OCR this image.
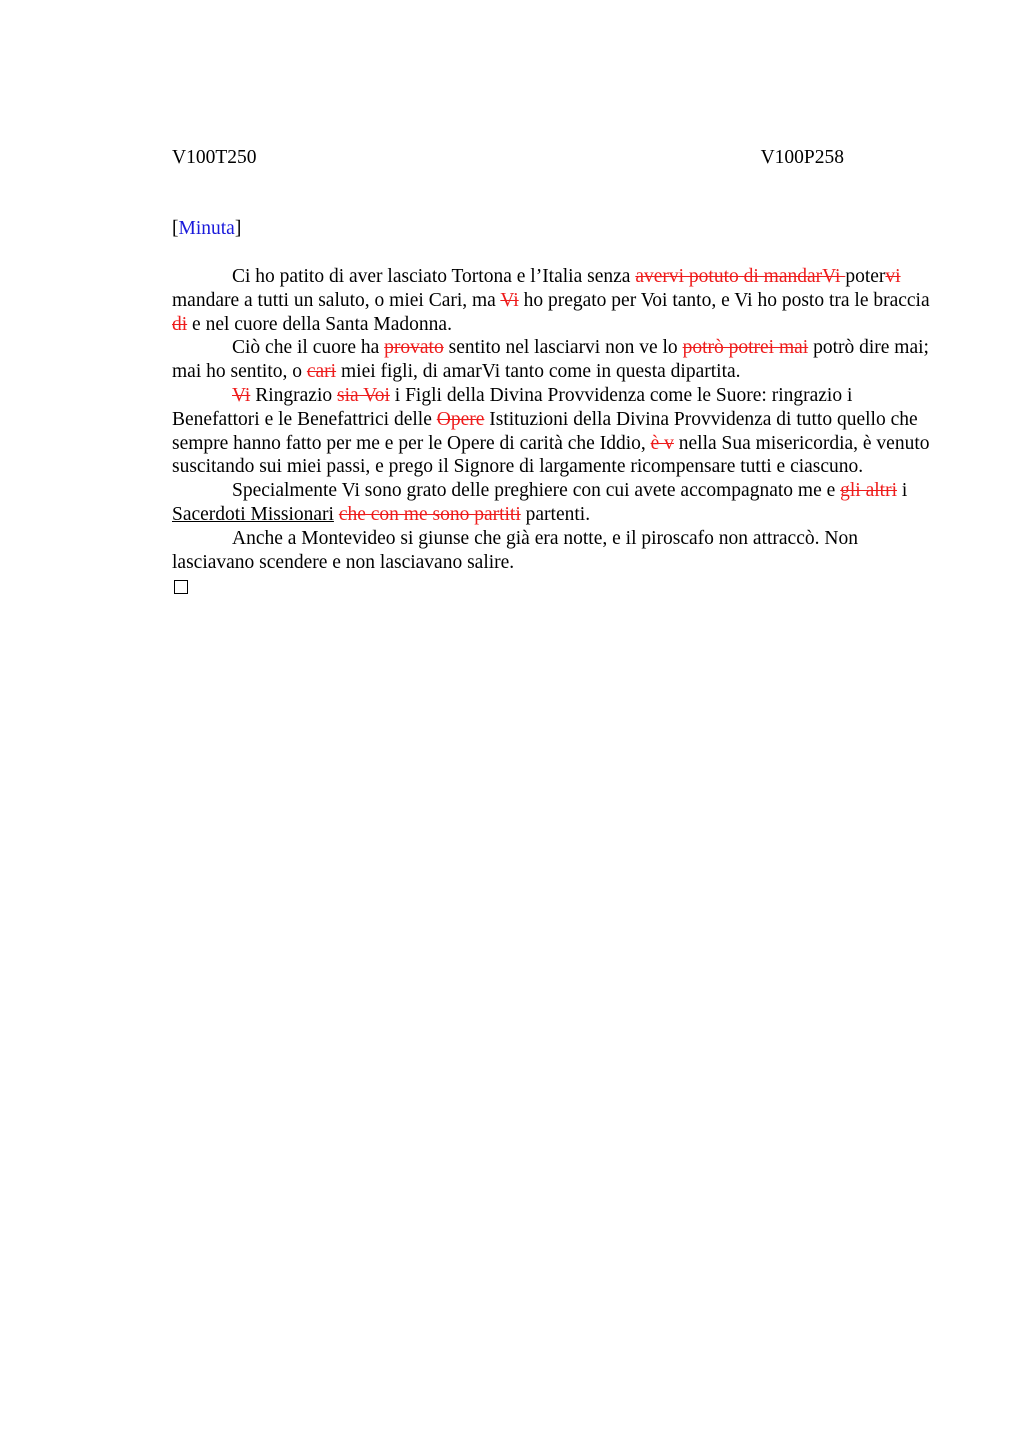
V100T250	V100P258
[Minuta]

Ci ho patito di aver lasciato Tortona e l’Italia senza avervi potuto di mandarVi potervi mandare a tutti un saluto, o miei Cari, ma Vi ho pregato per Voi tanto, e Vi ho posto tra le braccia di e nel cuore della Santa Madonna.

Ciò che il cuore ha provato sentito nel lasciarvi non ve lo potrò potrei mai potrò dire mai; mai ho sentito, o cari miei figli, di amarVi tanto come in questa dipartita.

Vi Ringrazio sia Voi i Figli della Divina Provvidenza come le Suore: ringrazio i Benefattori e le Benefattrici delle Opere Istituzioni della Divina Provvidenza di tutto quello che sempre hanno fatto per me e per le Opere di carità che Iddio, è v nella Sua misericordia, è venuto suscitando sui miei passi, e prego il Signore di largamente ricompensare tutti e ciascuno.

Specialmente Vi sono grato delle preghiere con cui avete accompagnato me e gli altri i Sacerdoti Missionari che con me sono partiti partenti.

Anche a Montevideo si giunse che già era notte, e il piroscafo non attraccò. Non lasciavano scendere e non lasciavano salire.
